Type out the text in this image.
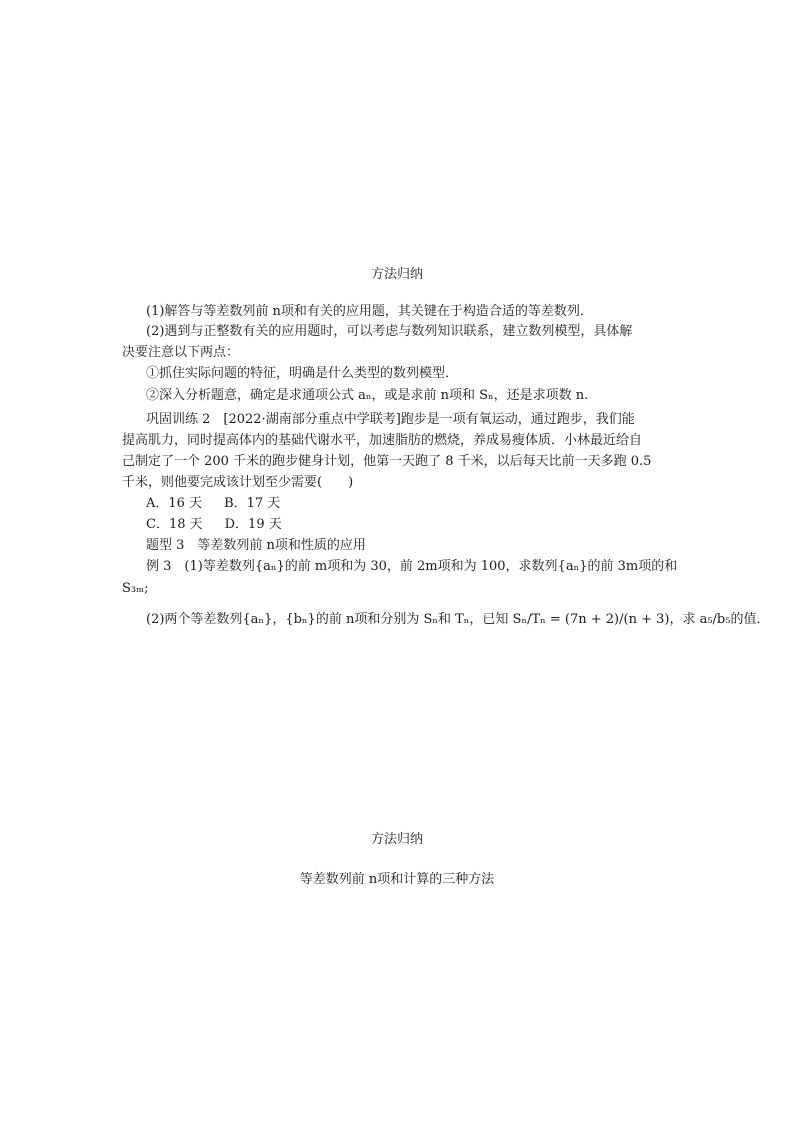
方法归纳
(1)解答与等差数列前 n项和有关的应用题，其关键在于构造合适的等差数列．
(2)遇到与正整数有关的应用题时，可以考虑与数列知识联系，建立数列模型，具体解
决要注意以下两点：
①抓住实际问题的特征，明确是什么类型的数列模型．
②深入分析题意，确定是求通项公式 aₙ，或是求前 n项和 Sₙ，还是求项数 n.
巩固训练 2　[2022·湖南部分重点中学联考]跑步是一项有氧运动，通过跑步，我们能
提高肌力，同时提高体内的基础代谢水平，加速脂肪的燃烧，养成易瘦体质．小林最近给自
己制定了一个 200 千米的跑步健身计划，他第一天跑了 8 千米，以后每天比前一天多跑 0.5
千米，则他要完成该计划至少需要(　　)
A．16 天 B．17 天
C．18 天 D．19 天
题型 3　等差数列前 n项和性质的应用
例 3　(1)等差数列{aₙ}的前 m项和为 30，前 2m项和为 100，求数列{aₙ}的前 3m项的和
S₃ₘ;
(2)两个等差数列{aₙ}，{bₙ}的前 n项和分别为 Sₙ和 Tₙ，已知 Sₙ/Tₙ = (7n + 2)/(n + 3)，求 a₅/b₅的值．
方法归纳
等差数列前 n项和计算的三种方法
